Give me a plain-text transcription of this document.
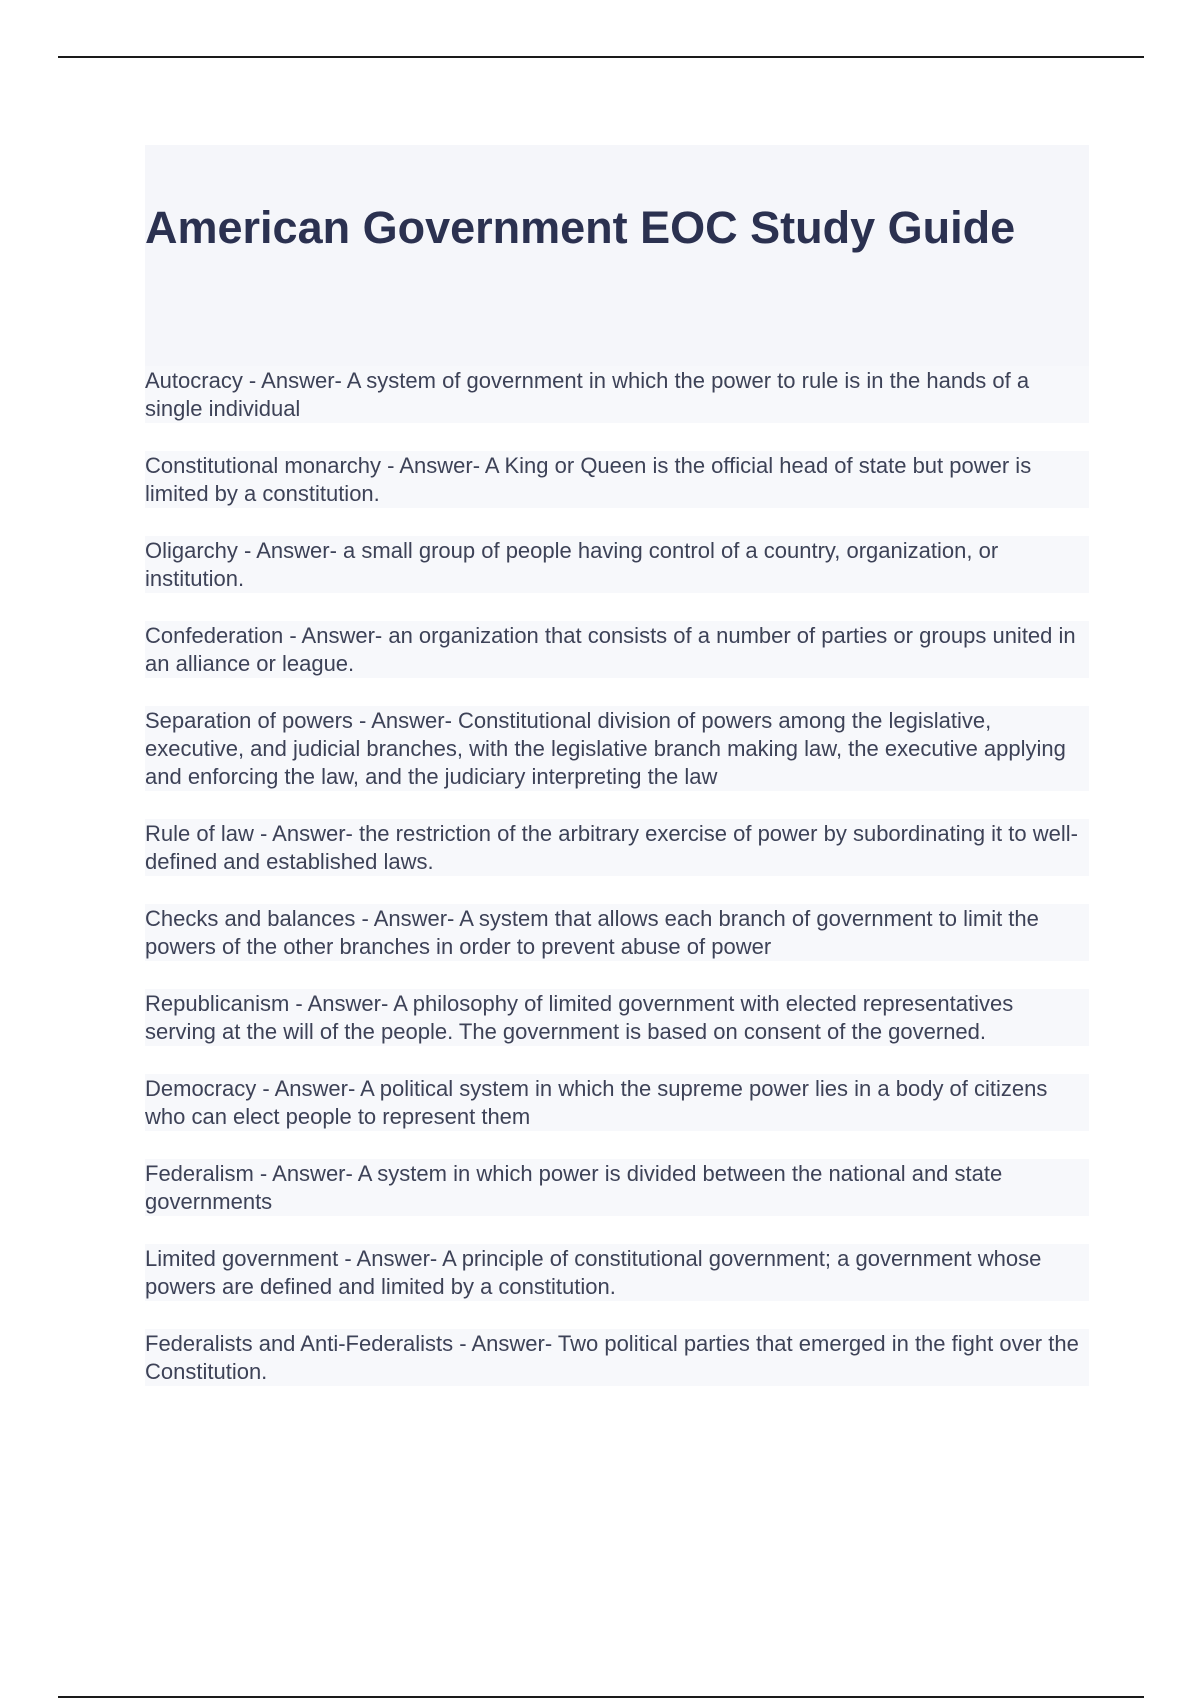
American Government EOC Study Guide

Autocracy - Answer- A system of government in which the power to rule is in the hands of a single individual

Constitutional monarchy - Answer- A King or Queen is the official head of state but power is limited by a constitution.

Oligarchy - Answer- a small group of people having control of a country, organization, or institution.

Confederation - Answer- an organization that consists of a number of parties or groups united in an alliance or league.

Separation of powers - Answer- Constitutional division of powers among the legislative, executive, and judicial branches, with the legislative branch making law, the executive applying and enforcing the law, and the judiciary interpreting the law

Rule of law - Answer- the restriction of the arbitrary exercise of power by subordinating it to well-defined and established laws.

Checks and balances - Answer- A system that allows each branch of government to limit the powers of the other branches in order to prevent abuse of power

Republicanism - Answer- A philosophy of limited government with elected representatives serving at the will of the people. The government is based on consent of the governed.

Democracy - Answer- A political system in which the supreme power lies in a body of citizens who can elect people to represent them

Federalism - Answer- A system in which power is divided between the national and state governments

Limited government - Answer- A principle of constitutional government; a government whose powers are defined and limited by a constitution.

Federalists and Anti-Federalists - Answer- Two political parties that emerged in the fight over the Constitution.
